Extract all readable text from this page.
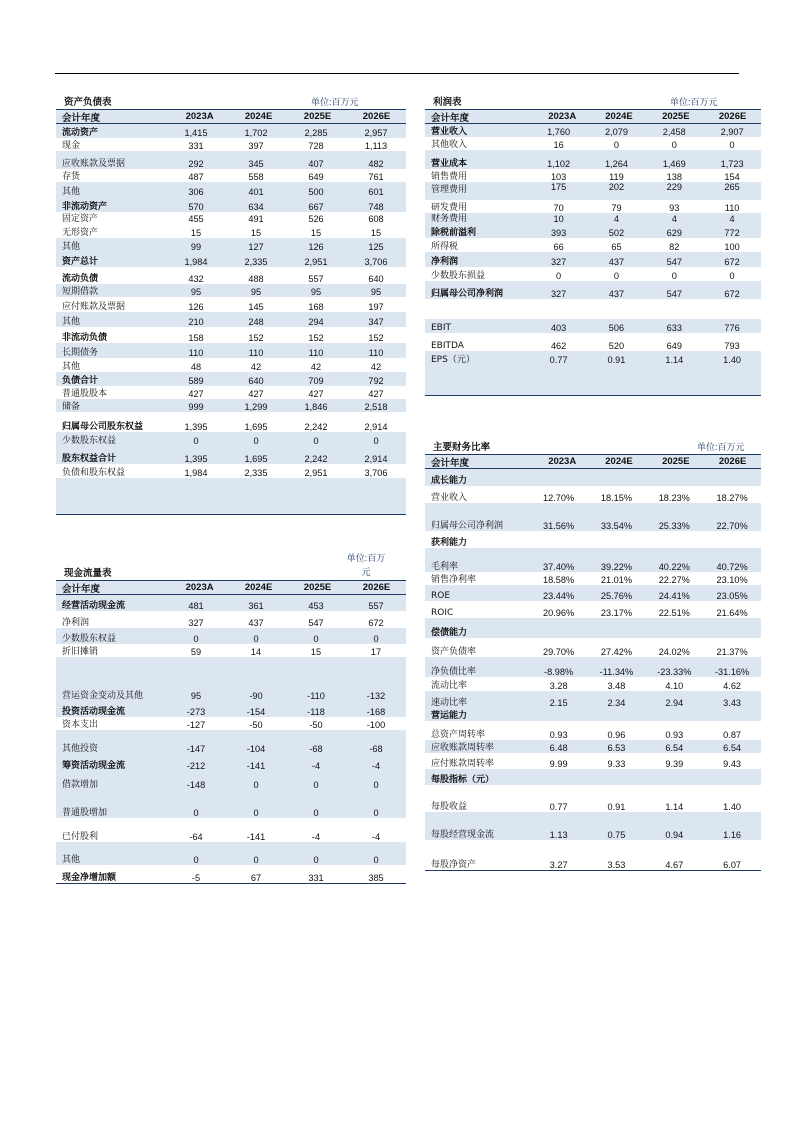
资产负债表	单位:百万元
会计年度	2023A	2024E	2025E	2026E
流动资产	1,415	1,702	2,285	2,957
现金	331	397	728	1,113
应收账款及票据	292	345	407	482
存货	487	558	649	761
其他	306	401	500	601
非流动资产	570	634	667	748
固定资产	455	491	526	608
无形资产	15	15	15	15
其他	99	127	126	125
资产总计	1,984	2,335	2,951	3,706
流动负债	432	488	557	640
短期借款	95	95	95	95
应付账款及票据	126	145	168	197
其他	210	248	294	347
非流动负债	158	152	152	152
长期债务	110	110	110	110
其他	48	42	42	42
负债合计	589	640	709	792
普通股股本	427	427	427	427
储备	999	1,299	1,846	2,518
归属母公司股东权益	1,395	1,695	2,242	2,914
少数股东权益	0	0	0	0
股东权益合计	1,395	1,695	2,242	2,914
负债和股东权益	1,984	2,335	2,951	3,706
利润表	单位:百万元
会计年度	2023A	2024E	2025E	2026E
营业收入	1,760	2,079	2,458	2,907
其他收入	16	0	0	0
营业成本	1,102	1,264	1,469	1,723
销售费用	103	119	138	154
管理费用	175	202	229	265
研发费用	70	79	93	110
财务费用	10	4	4	4
除税前溢利	393	502	629	772
所得税	66	65	82	100
净利润	327	437	547	672
少数股东损益	0	0	0	0
归属母公司净利润	327	437	547	672
EBIT	403	506	633	776
EBITDA	462	520	649	793
EPS（元）	0.77	0.91	1.14	1.40
现金流量表
单位:百万元
会计年度	2023A	2024E	2025E	2026E
经营活动现金流	481	361	453	557
净利润	327	437	547	672
少数股东权益	0	0	0	0
折旧摊销	59	14	15	17
营运资金变动及其他	95	-90	-110	-132
投资活动现金流	-273	-154	-118	-168
资本支出	-127	-50	-50	-100
其他投资	-147	-104	-68	-68
筹资活动现金流	-212	-141	-4	-4
借款增加	-148	0	0	0
普通股增加	0	0	0	0
已付股利	-64	-141	-4	-4
其他	0	0	0	0
现金净增加额	-5	67	331	385
主要财务比率	单位:百万元
会计年度	2023A	2024E	2025E	2026E
成长能力
营业收入	12.70%	18.15%	18.23%	18.27%
归属母公司净利润	31.56%	33.54%	25.33%	22.70%
获利能力
毛利率	37.40%	39.22%	40.22%	40.72%
销售净利率	18.58%	21.01%	22.27%	23.10%
ROE	23.44%	25.76%	24.41%	23.05%
ROIC	20.96%	23.17%	22.51%	21.64%
偿债能力
资产负债率	29.70%	27.42%	24.02%	21.37%
净负债比率	-8.98%	-11.34%	-23.33%	-31.16%
流动比率	3.28	3.48	4.10	4.62
速动比率	2.15	2.34	2.94	3.43
营运能力
总资产周转率	0.93	0.96	0.93	0.87
应收账款周转率	6.48	6.53	6.54	6.54
应付账款周转率	9.99	9.33	9.39	9.43
每股指标（元）
每股收益	0.77	0.91	1.14	1.40
每股经营现金流	1.13	0.75	0.94	1.16
每股净资产	3.27	3.53	4.67	6.07
